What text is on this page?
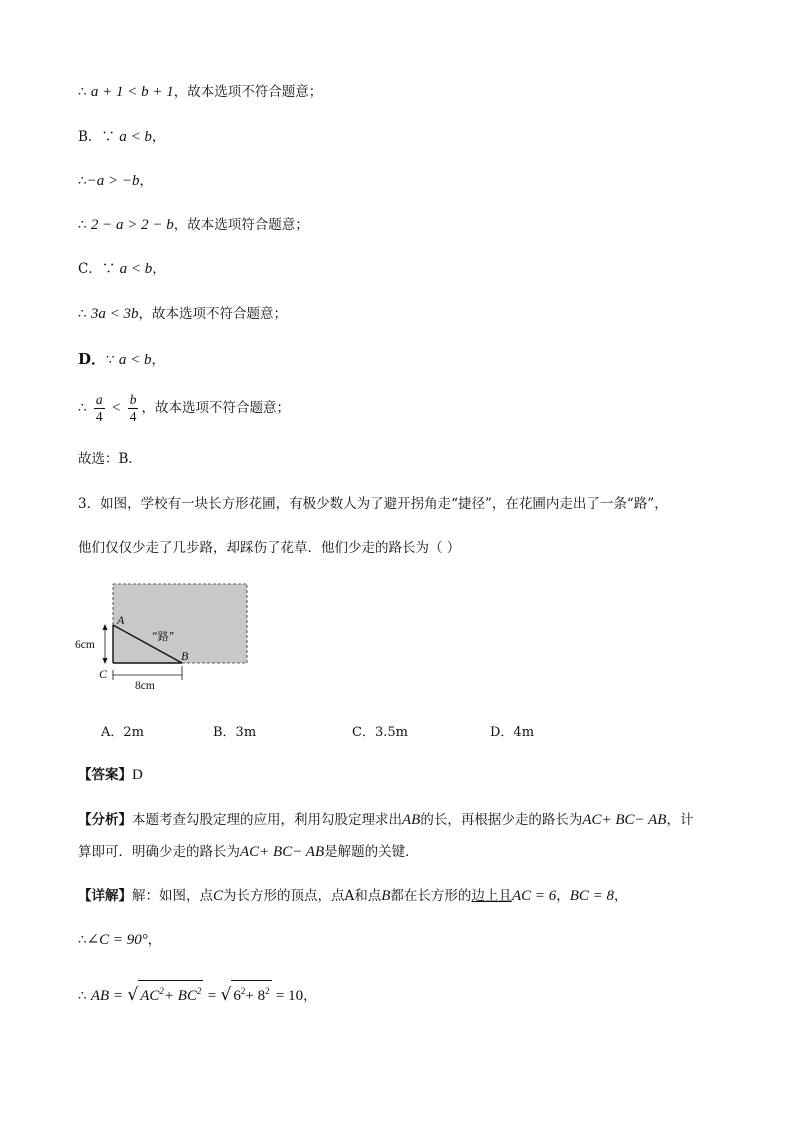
∴ a + 1 < b + 1，故本选项不符合题意；
B．∵ a < b，
∴−a > −b，
∴ 2 − a > 2 − b，故本选项符合题意；
C．∵ a < b，
∴ 3a < 3b，故本选项不符合题意；
D．∵ a < b，
∴ $\frac{a}{4} < \frac{b}{4}$ ，故本选项不符合题意；
故选：B．
3．如图，学校有一块长方形花圃，有极少数人为了避开拐角走“捷径”，在花圃内走出了一条“路”，
他们仅仅少走了几步路，却踩伤了花草．他们少走的路长为（ ）
A
B
C
6cm
8cm
“路”
A．2m	B．3m	C．3.5m	D．4m
【答案】D
【分析】本题考查勾股定理的应用，利用勾股定理求出AB的长，再根据少走的路长为AC+ BC− AB，计
算即可．明确少走的路长为AC+ BC− AB是解题的关键．
【详解】解：如图，点C为长方形的顶点，点A和点B都在长方形的边上且AC = 6，BC = 8，
∴∠C = 90°，
∴ AB = √ $AC^2+ BC^2$ = √ $6^2+ 8^2 = 10$，
